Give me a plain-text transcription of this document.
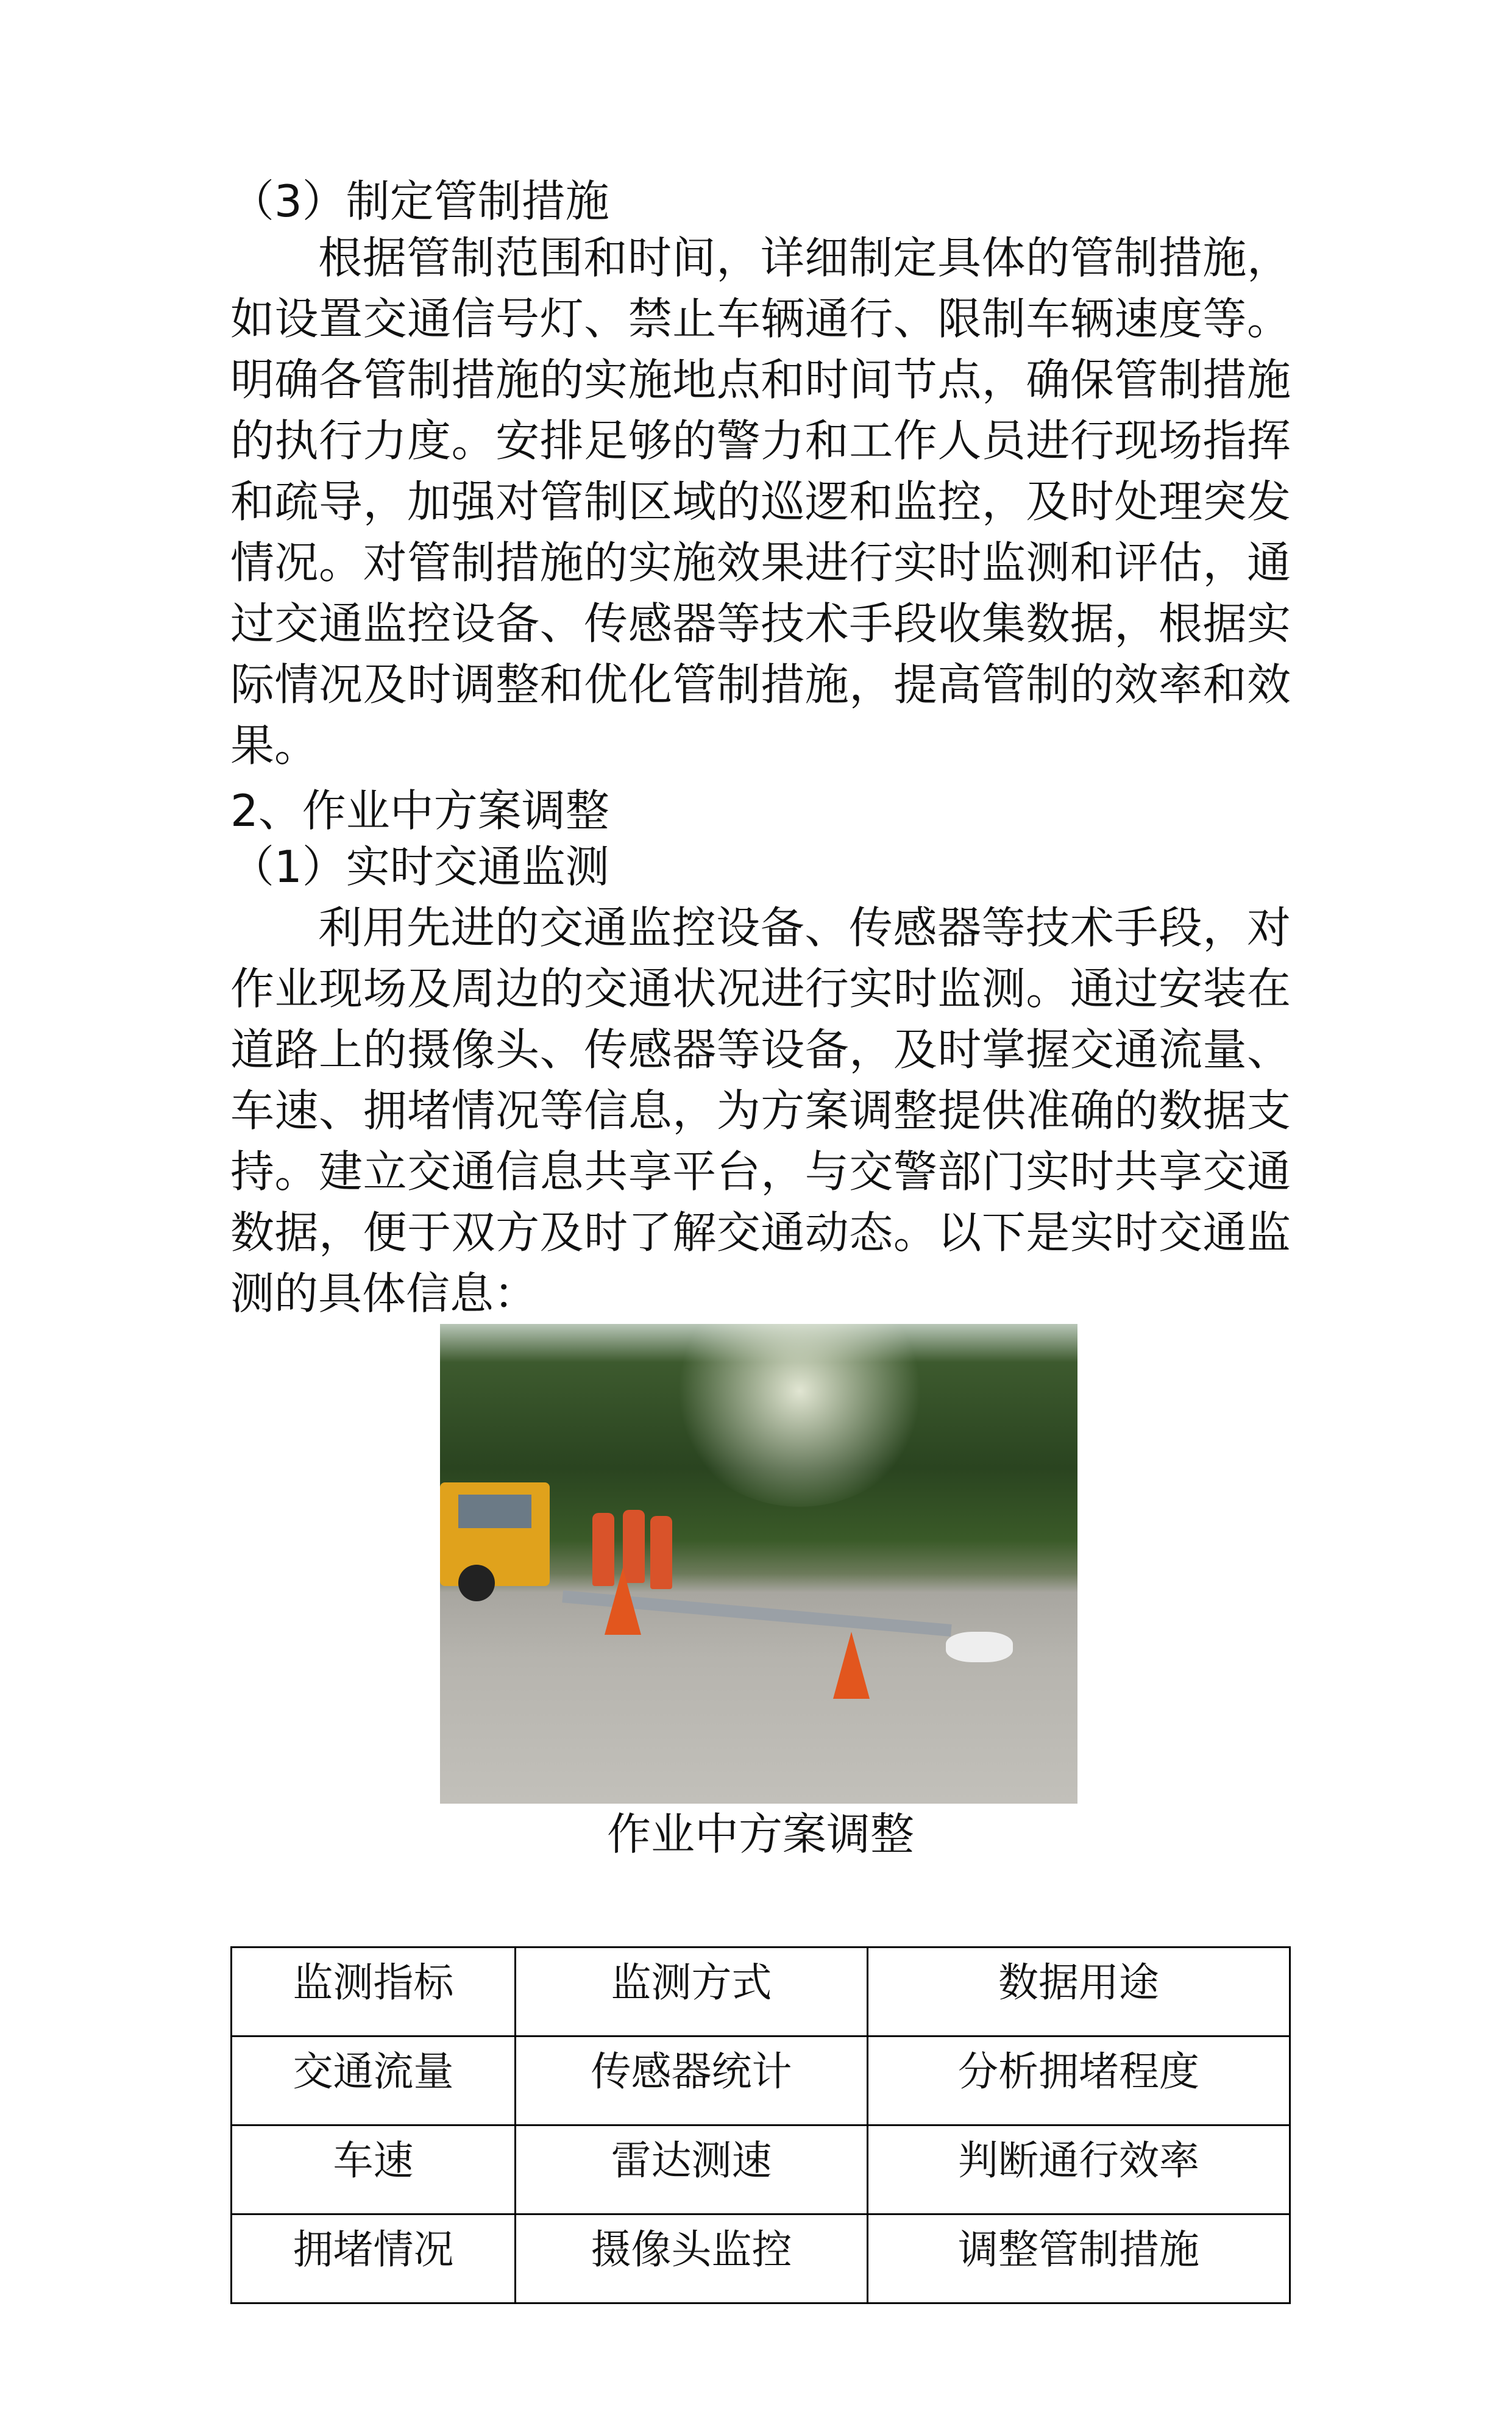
（3）制定管制措施

根据管制范围和时间，详细制定具体的管制措施，如设置交通信号灯、禁止车辆通行、限制车辆速度等。明确各管制措施的实施地点和时间节点，确保管制措施的执行力度。安排足够的警力和工作人员进行现场指挥和疏导，加强对管制区域的巡逻和监控，及时处理突发情况。对管制措施的实施效果进行实时监测和评估，通过交通监控设备、传感器等技术手段收集数据，根据实际情况及时调整和优化管制措施，提高管制的效率和效果。

2、作业中方案调整

（1）实时交通监测

利用先进的交通监控设备、传感器等技术手段，对作业现场及周边的交通状况进行实时监测。通过安装在道路上的摄像头、传感器等设备，及时掌握交通流量、车速、拥堵情况等信息，为方案调整提供准确的数据支持。建立交通信息共享平台，与交警部门实时共享交通数据，便于双方及时了解交通动态。以下是实时交通监测的具体信息：

作业中方案调整

监测指标	监测方式	数据用途
交通流量	传感器统计	分析拥堵程度
车速	雷达测速	判断通行效率
拥堵情况	摄像头监控	调整管制措施
